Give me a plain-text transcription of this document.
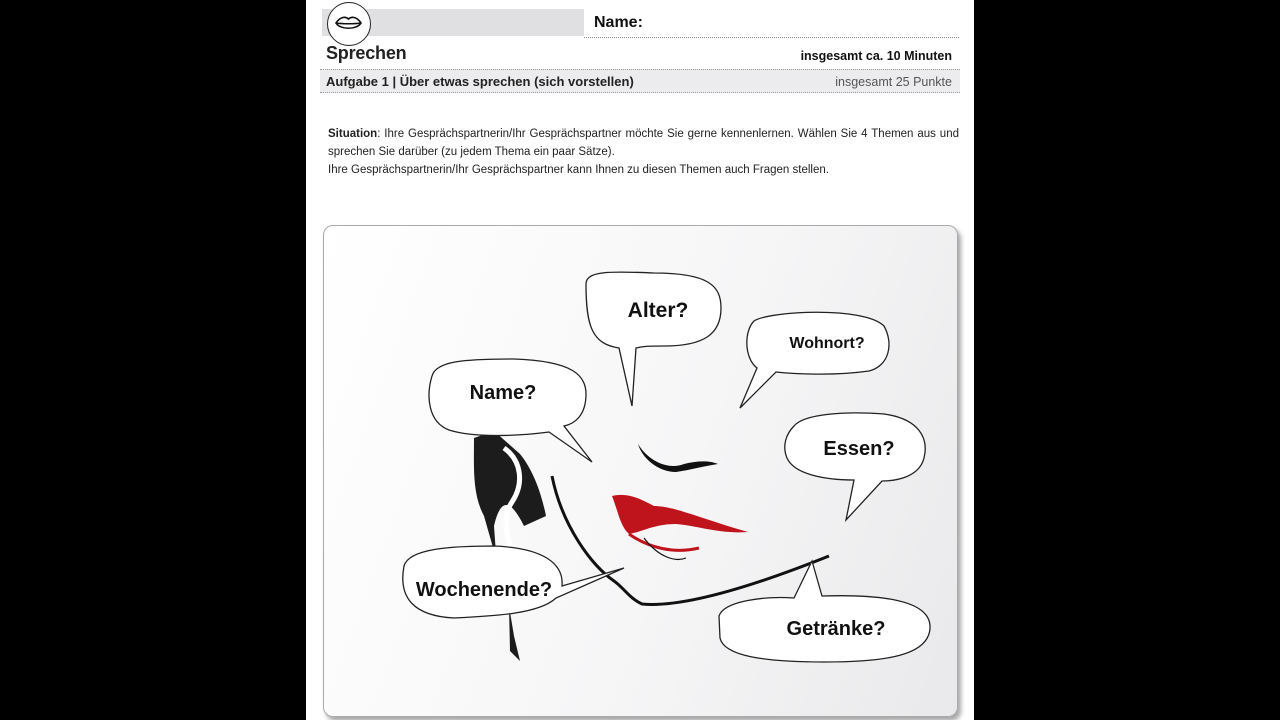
Name:
Sprechen	insgesamt ca. 10 Minuten
Aufgabe 1 | Über etwas sprechen (sich vorstellen)	insgesamt 25 Punkte

Situation: Ihre Gesprächspartnerin/Ihr Gesprächspartner möchte Sie gerne kennenlernen. Wählen Sie 4 Themen aus und sprechen Sie darüber (zu jedem Thema ein paar Sätze).

Ihre Gesprächspartnerin/Ihr Gesprächspartner kann Ihnen zu diesen Themen auch Fragen stellen.

Alter?
Wohnort?
Name?
Essen?
Wochenende?
Getränke?
